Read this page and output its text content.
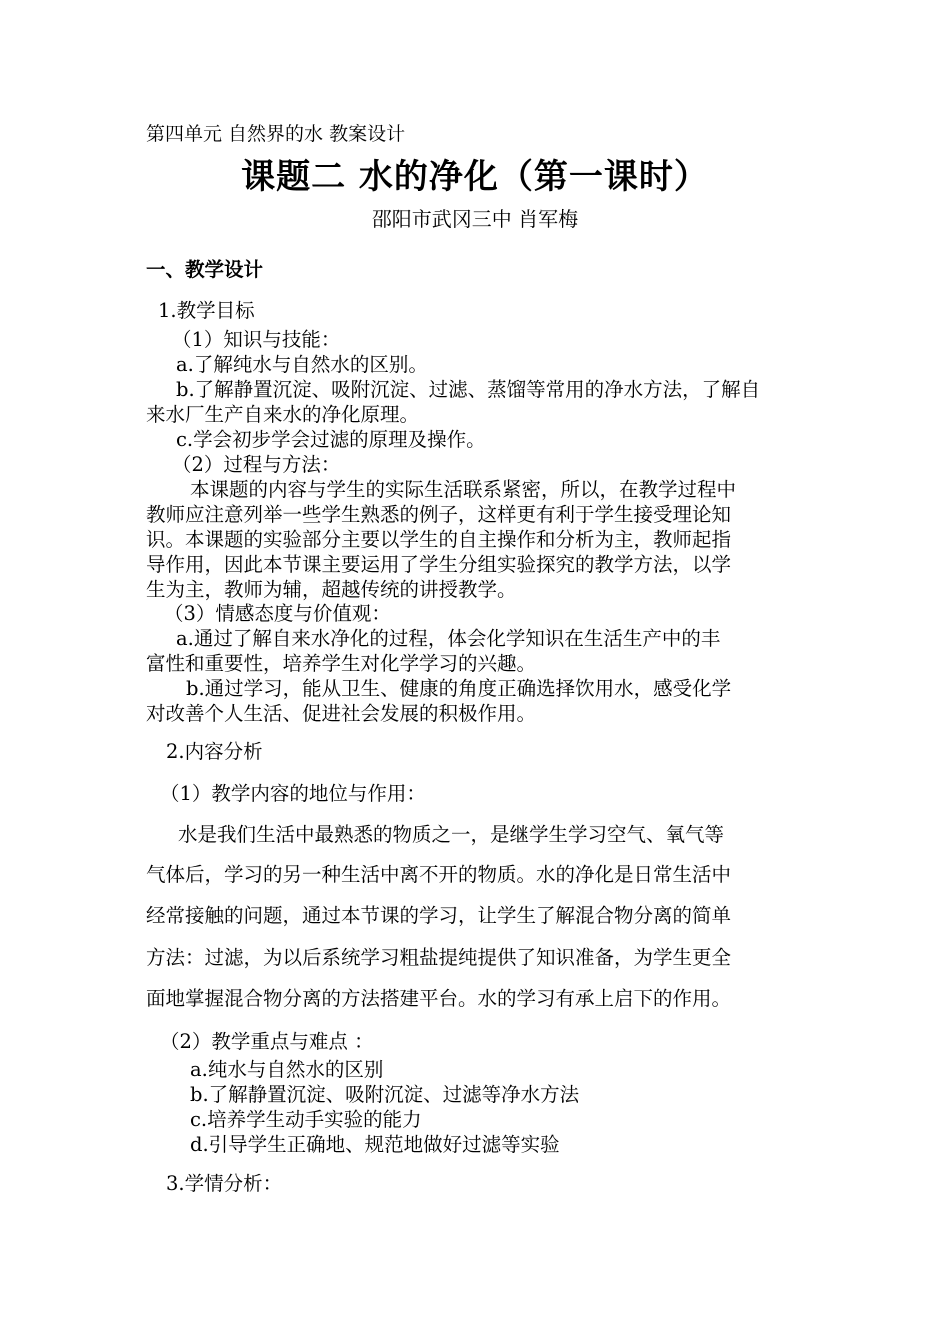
第四单元 自然界的水 教案设计
课题二 水的净化（第一课时）
邵阳市武冈三中 肖军梅
一、教学设计
1.教学目标
（1）知识与技能：
a.了解纯水与自然水的区别。
b.了解静置沉淀、吸附沉淀、过滤、蒸馏等常用的净水方法，了解自
来水厂生产自来水的净化原理。
c.学会初步学会过滤的原理及操作。
（2）过程与方法：
本课题的内容与学生的实际生活联系紧密，所以，在教学过程中
教师应注意列举一些学生熟悉的例子，这样更有利于学生接受理论知
识。本课题的实验部分主要以学生的自主操作和分析为主，教师起指
导作用，因此本节课主要运用了学生分组实验探究的教学方法，以学
生为主，教师为辅，超越传统的讲授教学。
（3）情感态度与价值观：
a.通过了解自来水净化的过程，体会化学知识在生活生产中的丰
富性和重要性，培养学生对化学学习的兴趣。
b.通过学习，能从卫生、健康的角度正确选择饮用水，感受化学
对改善个人生活、促进社会发展的积极作用。
2.内容分析
（1）教学内容的地位与作用：
水是我们生活中最熟悉的物质之一，是继学生学习空气、氧气等
气体后，学习的另一种生活中离不开的物质。水的净化是日常生活中
经常接触的问题，通过本节课的学习，让学生了解混合物分离的简单
方法：过滤，为以后系统学习粗盐提纯提供了知识准备，为学生更全
面地掌握混合物分离的方法搭建平台。水的学习有承上启下的作用。
（2）教学重点与难点 ：
a.纯水与自然水的区别
b.了解静置沉淀、吸附沉淀、过滤等净水方法
c.培养学生动手实验的能力
d.引导学生正确地、规范地做好过滤等实验
3.学情分析：
